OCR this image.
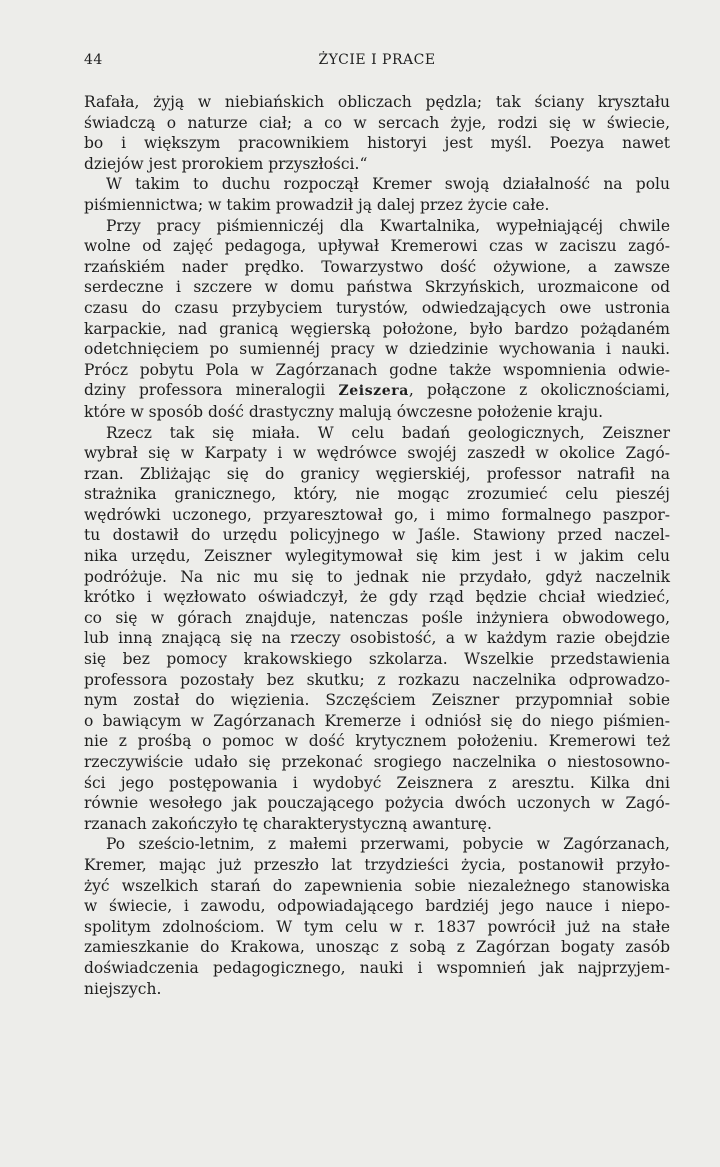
44	ŻYCIE I PRACE

Rafała, żyją w niebiańskich obliczach pędzla; tak ściany kryształu

świadczą o naturze ciał; a co w sercach żyje, rodzi się w świecie,

bo i większym pracownikiem historyi jest myśl. Poezya nawet

dziejów jest prorokiem przyszłości.“

W takim to duchu rozpoczął Kremer swoją działalność na polu

piśmiennictwa; w takim prowadził ją dalej przez życie całe.

Przy pracy piśmienniczéj dla Kwartalnika, wypełniającéj chwile

wolne od zajęć pedagoga, upływał Kremerowi czas w zaciszu zagó-

rzańskiém nader prędko. Towarzystwo dość ożywione, a zawsze

serdeczne i szczere w domu państwa Skrzyńskich, urozmaicone od

czasu do czasu przybyciem turystów, odwiedzających owe ustronia

karpackie, nad granicą węgierską położone, było bardzo pożądaném

odetchnięciem po sumiennéj pracy w dziedzinie wychowania i nauki.

Prócz pobytu Pola w Zagórzanach godne także wspomnienia odwie-

dziny professora mineralogii Zeiszera, połączone z okolicznościami,

które w sposób dość drastyczny malują ówczesne położenie kraju.

Rzecz tak się miała. W celu badań geologicznych, Zeiszner

wybrał się w Karpaty i w wędrówce swojéj zaszedł w okolice Zagó-

rzan. Zbliżając się do granicy węgierskiéj, professor natrafił na

strażnika granicznego, który, nie mogąc zrozumieć celu pieszéj

wędrówki uczonego, przyaresztował go, i mimo formalnego paszpor-

tu dostawił do urzędu policyjnego w Jaśle. Stawiony przed naczel-

nika urzędu, Zeiszner wylegitymował się kim jest i w jakim celu

podróżuje. Na nic mu się to jednak nie przydało, gdyż naczelnik

krótko i węzłowato oświadczył, że gdy rząd będzie chciał wiedzieć,

co się w górach znajduje, natenczas pośle inżyniera obwodowego,

lub inną znającą się na rzeczy osobistość, a w każdym razie obejdzie

się bez pomocy krakowskiego szkolarza. Wszelkie przedstawienia

professora pozostały bez skutku; z rozkazu naczelnika odprowadzo-

nym został do więzienia. Szczęściem Zeiszner przypomniał sobie

o bawiącym w Zagórzanach Kremerze i odniósł się do niego piśmien-

nie z prośbą o pomoc w dość krytycznem położeniu. Kremerowi też

rzeczywiście udało się przekonać srogiego naczelnika o niestosowno-

ści jego postępowania i wydobyć Zeisznera z aresztu. Kilka dni

równie wesołego jak pouczającego pożycia dwóch uczonych w Zagó-

rzanach zakończyło tę charakterystyczną awanturę.

Po sześcio-letnim, z małemi przerwami, pobycie w Zagórzanach,

Kremer, mając już przeszło lat trzydzieści życia, postanowił przyło-

żyć wszelkich starań do zapewnienia sobie niezależnego stanowiska

w świecie, i zawodu, odpowiadającego bardziéj jego nauce i niepo-

spolitym zdolnościom. W tym celu w r. 1837 powrócił już na stałe

zamieszkanie do Krakowa, unosząc z sobą z Zagórzan bogaty zasób

doświadczenia pedagogicznego, nauki i wspomnień jak najprzyjem-

niejszych.
